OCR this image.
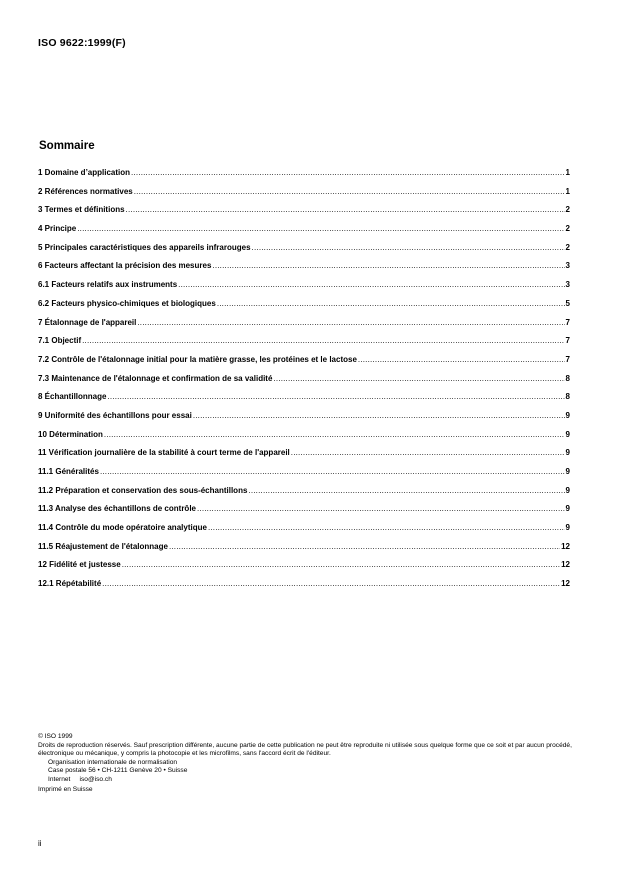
ISO 9622:1999(F)
Sommaire
1 Domaine d’application .....	1
2 Références normatives .....	1
3 Termes et définitions .....	2
4 Principe .....	2
5 Principales caractéristiques des appareils infrarouges .....	2
6 Facteurs affectant la précision des mesures .....	3
6.1 Facteurs relatifs aux instruments .....	3
6.2 Facteurs physico-chimiques et biologiques .....	5
7 Étalonnage de l'appareil .....	7
7.1 Objectif .....	7
7.2 Contrôle de l'étalonnage initial pour la matière grasse, les protéines et le lactose .....	7
7.3 Maintenance de l'étalonnage et confirmation de sa validité .....	8
8 Échantillonnage .....	8
9 Uniformité des échantillons pour essai .....	9
10 Détermination .....	9
11 Vérification journalière de la stabilité à court terme de l'appareil .....	9
11.1 Généralités .....	9
11.2 Préparation et conservation des sous-échantillons .....	9
11.3 Analyse des échantillons de contrôle .....	9
11.4 Contrôle du mode opératoire analytique .....	9
11.5 Réajustement de l'étalonnage .....	12
12 Fidélité et justesse .....	12
12.1 Répétabilité .....	12
© ISO 1999
Droits de reproduction réservés. Sauf prescription différente, aucune partie de cette publication ne peut être reproduite ni utilisée sous quelque forme que ce soit et par aucun procédé, électronique ou mécanique, y compris la photocopie et les microfilms, sans l'accord écrit de l'éditeur.
Organisation internationale de normalisation
Case postale 56 • CH-1211 Genève 20 • Suisse
Internet     iso@iso.ch
Imprimé en Suisse
ii
